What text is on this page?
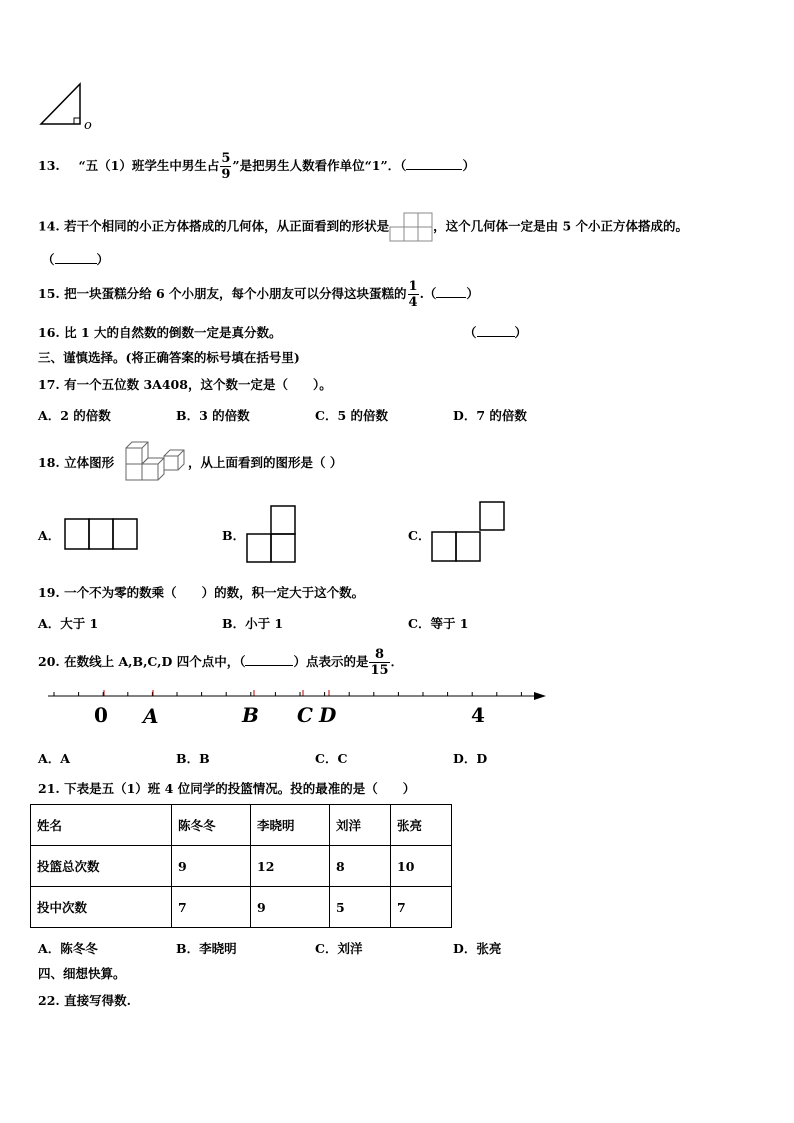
o
13. “五（1）班学生中男生占 $\frac{5}{9}$ ”是把男生人数看作单位“1”．（	）
14. 若干个相同的小正方体搭成的几何体，从正面看到的形状是	，这个几何体一定是由 5 个小正方体搭成的。
（	）
15. 把一块蛋糕分给 6 个小朋友，每个小朋友可以分得这块蛋糕的 $\frac{1}{4}$ .（ ）
16. 比 1 大的自然数的倒数一定是真分数。	（	）
三、谨慎选择。(将正确答案的标号填在括号里)
17. 有一个五位数 3A408，这个数一定是（　　）。
A．2 的倍数	B．3 的倍数	C．5 的倍数	D．7 的倍数
18. 立体图形	，从上面看到的图形是（ ）
A．	B．	C．
19. 一个不为零的数乘（　　）的数，积一定大于这个数。
A．大于 1	B．小于 1	C．等于 1
20. 在数线上 A,B,C,D 四个点中，（	）点表示的是 $\frac{8}{15}$ ．
0 A	B C D	4
A．A	B．B	C．C	D．D
21. 下表是五（1）班 4 位同学的投篮情况。投的最准的是（　　）
姓名	陈冬冬	李晓明	刘洋	张亮
投篮总次数	9	12	8	10
投中次数	7	9	5	7
A．陈冬冬	B．李晓明	C．刘洋	D．张亮
四、细想快算。
22. 直接写得数.
